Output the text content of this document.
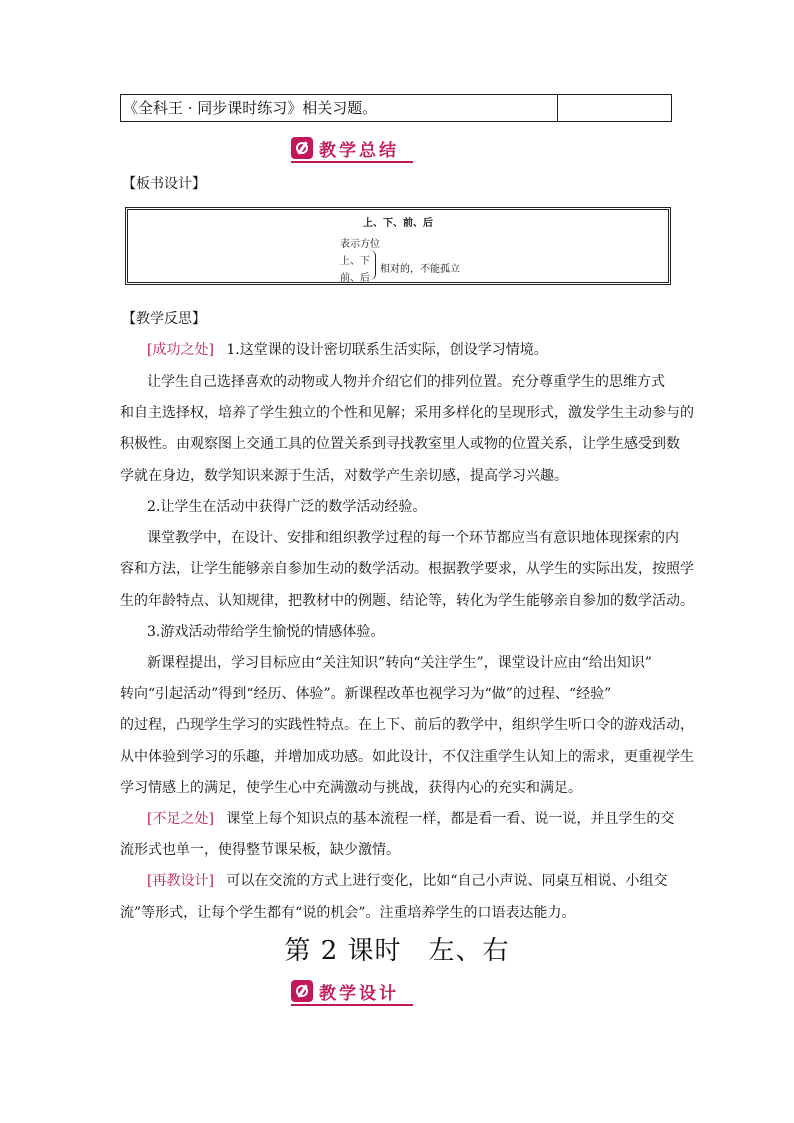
《全科王 · 同步课时练习》相关习题。
教学总结
【板书设计】
上、下、前、后
表示方位
上、下
前、后
相对的，不能孤立
【教学反思】
[成功之处] 1.这堂课的设计密切联系生活实际，创设学习情境。
让学生自己选择喜欢的动物或人物并介绍它们的排列位置。充分尊重学生的思维方式
和自主选择权，培养了学生独立的个性和见解；采用多样化的呈现形式，激发学生主动参与的
积极性。由观察图上交通工具的位置关系到寻找教室里人或物的位置关系，让学生感受到数
学就在身边，数学知识来源于生活，对数学产生亲切感，提高学习兴趣。
2.让学生在活动中获得广泛的数学活动经验。
课堂教学中，在设计、安排和组织教学过程的每一个环节都应当有意识地体现探索的内
容和方法，让学生能够亲自参加生动的数学活动。根据教学要求，从学生的实际出发，按照学
生的年龄特点、认知规律，把教材中的例题、结论等，转化为学生能够亲自参加的数学活动。
3.游戏活动带给学生愉悦的情感体验。
新课程提出，学习目标应由“关注知识”转向“关注学生”，课堂设计应由“给出知识”
转向“引起活动”得到“经历、体验”。新课程改革也视学习为“做”的过程、“经验”
的过程，凸现学生学习的实践性特点。在上下、前后的教学中，组织学生听口令的游戏活动，
从中体验到学习的乐趣，并增加成功感。如此设计，不仅注重学生认知上的需求，更重视学生
学习情感上的满足，使学生心中充满激动与挑战，获得内心的充实和满足。
[不足之处] 课堂上每个知识点的基本流程一样，都是看一看、说一说，并且学生的交
流形式也单一，使得整节课呆板，缺少激情。
[再教设计] 可以在交流的方式上进行变化，比如“自己小声说、同桌互相说、小组交
流”等形式，让每个学生都有“说的机会”。注重培养学生的口语表达能力。
第 2 课时　左、右
教学设计
